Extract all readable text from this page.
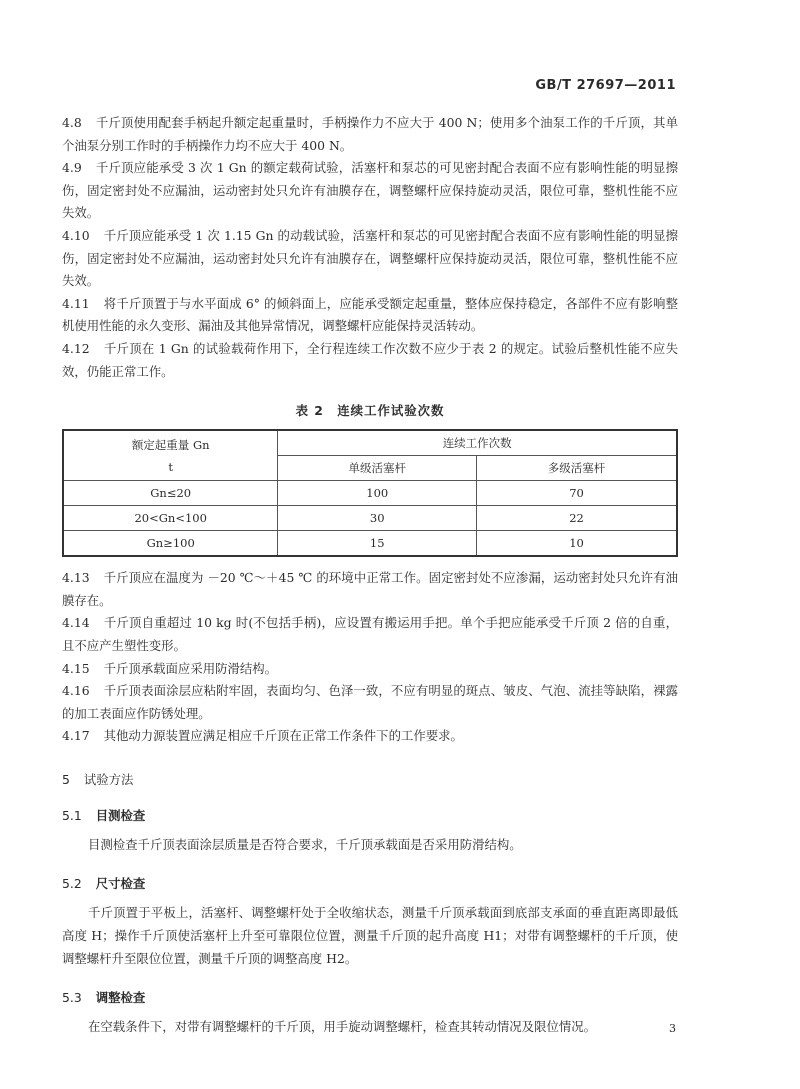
GB/T 27697—2011

4.8 千斤顶使用配套手柄起升额定起重量时，手柄操作力不应大于 400 N；使用多个油泵工作的千斤顶，其单个油泵分别工作时的手柄操作力均不应大于 400 N。

4.9 千斤顶应能承受 3 次 1 Gn 的额定载荷试验，活塞杆和泵芯的可见密封配合表面不应有影响性能的明显擦伤，固定密封处不应漏油，运动密封处只允许有油膜存在，调整螺杆应保持旋动灵活，限位可靠，整机性能不应失效。

4.10 千斤顶应能承受 1 次 1.15 Gn 的动载试验，活塞杆和泵芯的可见密封配合表面不应有影响性能的明显擦伤，固定密封处不应漏油，运动密封处只允许有油膜存在，调整螺杆应保持旋动灵活，限位可靠，整机性能不应失效。

4.11 将千斤顶置于与水平面成 6° 的倾斜面上，应能承受额定起重量，整体应保持稳定，各部件不应有影响整机使用性能的永久变形、漏油及其他异常情况，调整螺杆应能保持灵活转动。

4.12 千斤顶在 1 Gn 的试验载荷作用下，全行程连续工作次数不应少于表 2 的规定。试验后整机性能不应失效，仍能正常工作。

表 2　连续工作试验次数
额定起重量 Gn
t	连续工作次数	
	单级活塞杆	多级活塞杆
Gn≤20	100	70
20<Gn<100	30	22
Gn≥100	15	10

4.13 千斤顶应在温度为 －20 ℃～＋45 ℃ 的环境中正常工作。固定密封处不应渗漏，运动密封处只允许有油膜存在。

4.14 千斤顶自重超过 10 kg 时(不包括手柄)，应设置有搬运用手把。单个手把应能承受千斤顶 2 倍的自重，且不应产生塑性变形。

4.15 千斤顶承载面应采用防滑结构。

4.16 千斤顶表面涂层应粘附牢固，表面均匀、色泽一致，不应有明显的斑点、皱皮、气泡、流挂等缺陷，裸露的加工表面应作防锈处理。

4.17 其他动力源装置应满足相应千斤顶在正常工作条件下的工作要求。

5 试验方法
5.1 目测检查

目测检查千斤顶表面涂层质量是否符合要求，千斤顶承载面是否采用防滑结构。

5.2 尺寸检查

千斤顶置于平板上，活塞杆、调整螺杆处于全收缩状态，测量千斤顶承载面到底部支承面的垂直距离即最低高度 H；操作千斤顶使活塞杆上升至可靠限位位置，测量千斤顶的起升高度 H1；对带有调整螺杆的千斤顶，使调整螺杆升至限位位置，测量千斤顶的调整高度 H2。

5.3 调整检查

在空载条件下，对带有调整螺杆的千斤顶，用手旋动调整螺杆，检查其转动情况及限位情况。	3
